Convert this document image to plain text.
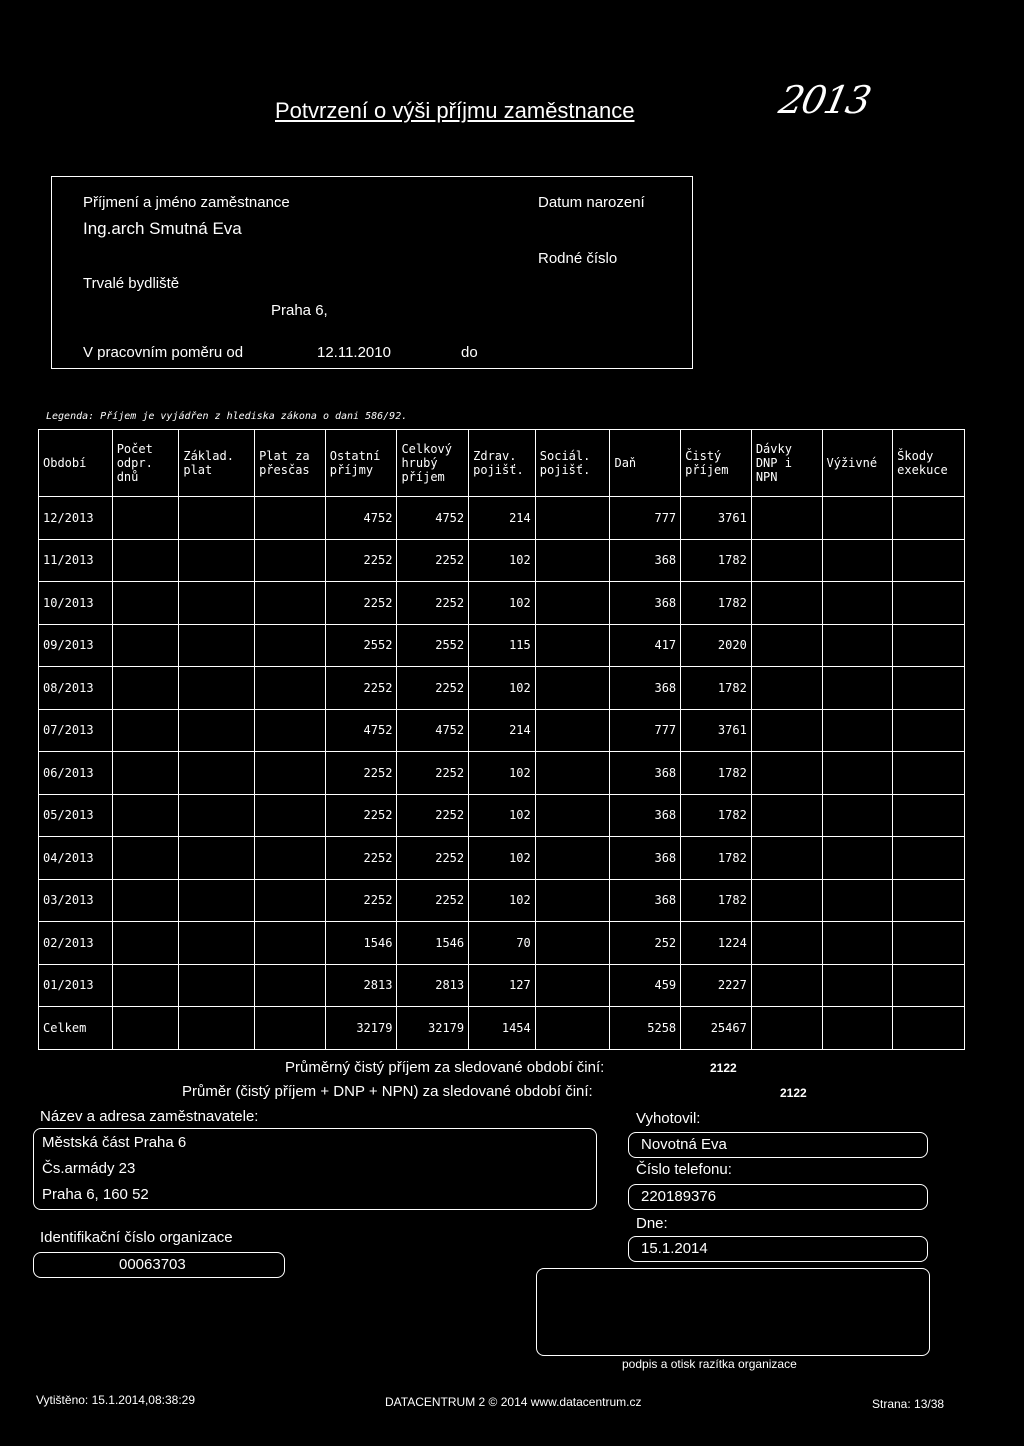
Potvrzení o výši příjmu zaměstnance	2013
Příjmení a jméno zaměstnance
Ing.arch Smutná Eva
Datum narození
Rodné číslo
Trvalé bydliště
Praha 6,
V pracovním poměru od	12.11.2010	do
Legenda: Příjem je vyjádřen z hlediska zákona o dani 586/92.
Období	Počet odpr. dnů	Základ. plat	Plat za přesčas	Ostatní příjmy	Celkový hrubý příjem	Zdrav. pojišť.	Sociál. pojišť.	Daň	Čistý příjem	Dávky DNP i NPN	Výživné	Škody exekuce
12/2013				4752	4752	214		777	3761			
11/2013				2252	2252	102		368	1782			
10/2013				2252	2252	102		368	1782			
09/2013				2552	2552	115		417	2020			
08/2013				2252	2252	102		368	1782			
07/2013				4752	4752	214		777	3761			
06/2013				2252	2252	102		368	1782			
05/2013				2252	2252	102		368	1782			
04/2013				2252	2252	102		368	1782			
03/2013				2252	2252	102		368	1782			
02/2013				1546	1546	70		252	1224			
01/2013				2813	2813	127		459	2227			
Celkem				32179	32179	1454		5258	25467			
Průměrný čistý příjem za sledované období činí:	2122
Průměr (čistý příjem + DNP + NPN) za sledované období činí:	2122
Název a adresa zaměstnavatele:
Městská část Praha 6
Čs.armády 23
Praha 6, 160 52
Identifikační číslo organizace
00063703
Vyhotovil:
Novotná Eva
Číslo telefonu:
220189376
Dne:
15.1.2014
podpis a otisk razítka organizace
Vytištěno: 15.1.2014,08:38:29	DATACENTRUM 2 © 2014 www.datacentrum.cz	Strana: 13/38
